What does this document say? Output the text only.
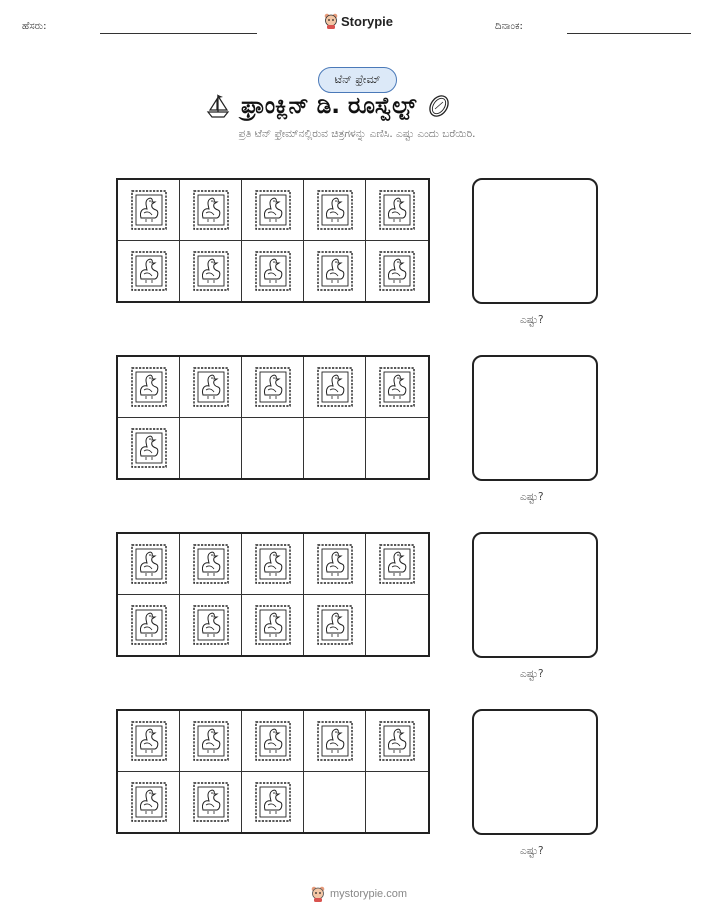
ಹೆಸರು:	Storypie	ದಿನಾಂಕ:
ಟೆನ್ ಫ್ರೇಮ್
ಫ್ರಾಂಕ್ಲಿನ್ ಡಿ. ರೂಸ್ವೆಲ್ಟ್
ಪ್ರತಿ ಟೆನ್ ಫ್ರೇಮ್‌ನಲ್ಲಿರುವ ಚಿತ್ರಗಳನ್ನು ಎಣಿಸಿ. ಎಷ್ಟು ಎಂದು ಬರೆಯಿರಿ.
ಎಷ್ಟು?
ಎಷ್ಟು?
ಎಷ್ಟು?
ಎಷ್ಟು?
mystorypie.com
